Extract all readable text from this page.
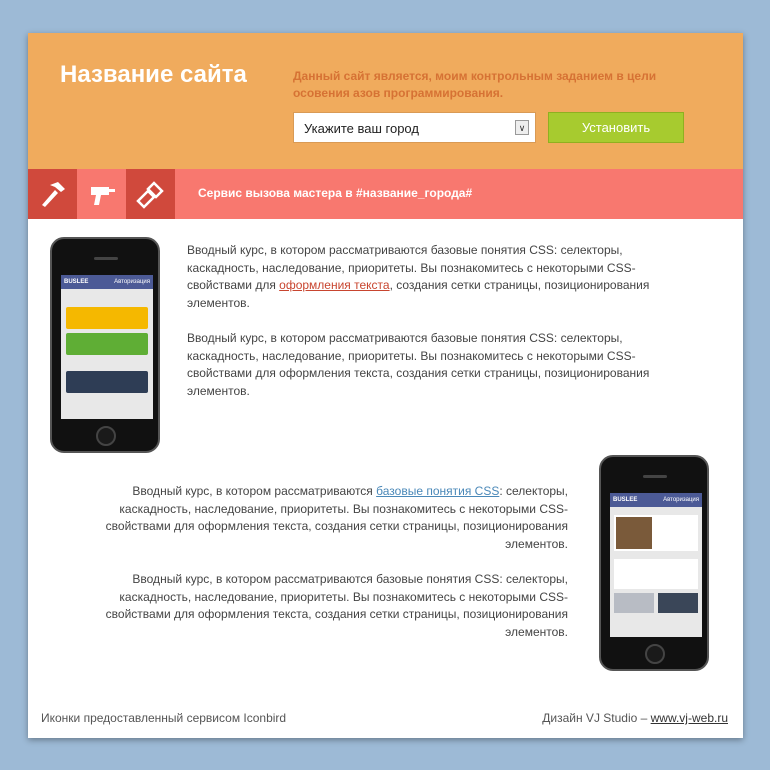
Название сайта	Данный сайт является, моим контрольным заданием в цели осовения азов программирования.
Укажите ваш город	∨	Установить
Сервис вызова мастера в #название_города#
BUSLEE	Авторизация

Вводный курс, в котором рассматриваются базовые понятия CSS: селекторы, каскадность, наследование, приоритеты. Вы познакомитесь с некоторыми CSS-свойствами для оформления текста, создания сетки страницы, позиционирования элементов.

Вводный курс, в котором рассматриваются базовые понятия CSS: селекторы, каскадность, наследование, приоритеты. Вы познакомитесь с некоторыми CSS-свойствами для оформления текста, создания сетки страницы, позиционирования элементов.

Вводный курс, в котором рассматриваются базовые понятия CSS: селекторы, каскадность, наследование, приоритеты. Вы познакомитесь с некоторыми CSS-свойствами для оформления текста, создания сетки страницы, позиционирования элементов.

Вводный курс, в котором рассматриваются базовые понятия CSS: селекторы, каскадность, наследование, приоритеты. Вы познакомитесь с некоторыми CSS-свойствами для оформления текста, создания сетки страницы, позиционирования элементов.

BUSLEE	Авторизация
Иконки предоставленный сервисом Iconbird	Дизайн VJ Studio – www.vj-web.ru
